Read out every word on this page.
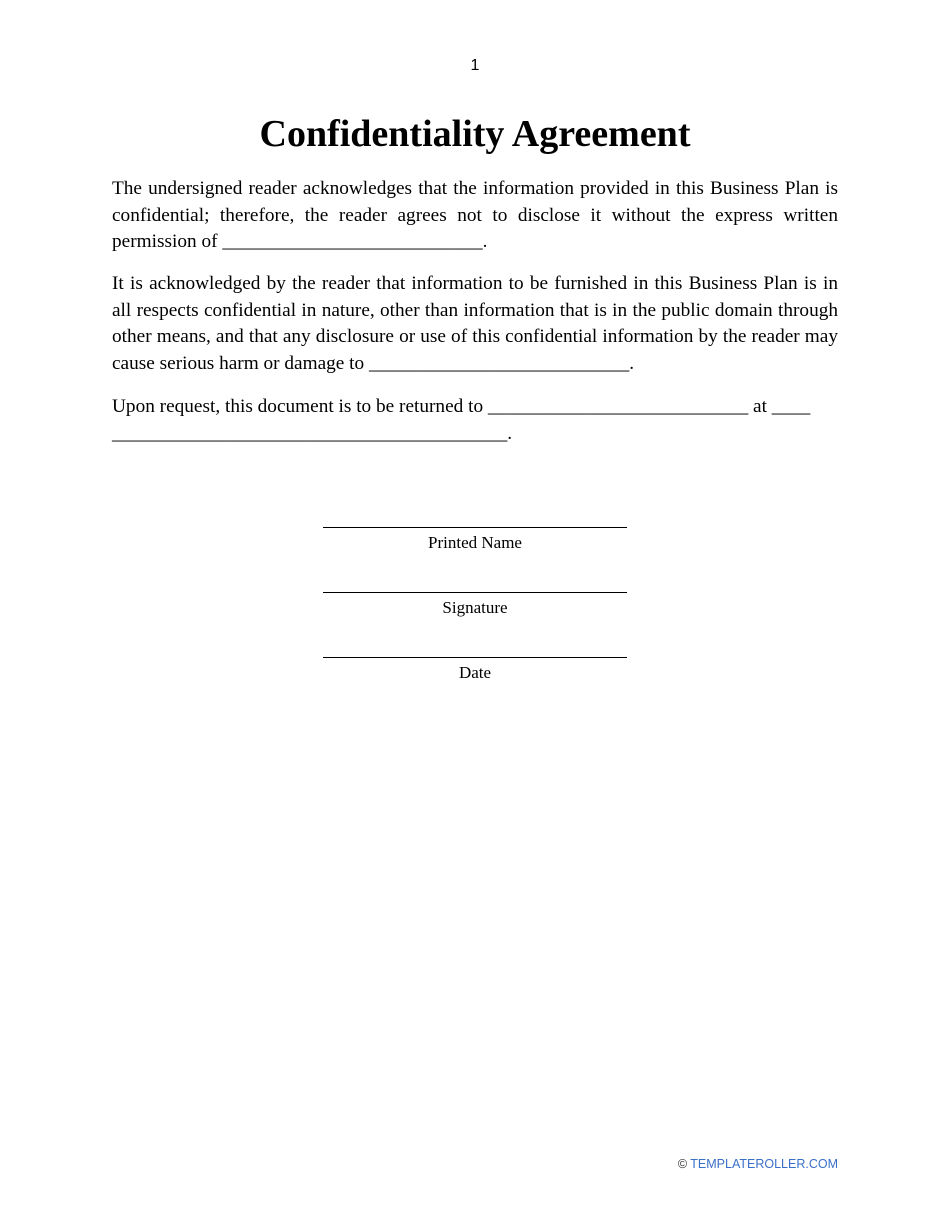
1
Confidentiality Agreement

The undersigned reader acknowledges that the information provided in this Business Plan is confidential; therefore, the reader agrees not to disclose it without the express written permission of ___________________________.

It is acknowledged by the reader that information to be furnished in this Business Plan is in all respects confidential in nature, other than information that is in the public domain through other means, and that any disclosure or use of this confidential information by the reader may cause serious harm or damage to ___________________________.

Upon request, this document is to be returned to ___________________________ at ____
_________________________________________.

Printed Name
Signature
Date
© TEMPLATEROLLER.COM
